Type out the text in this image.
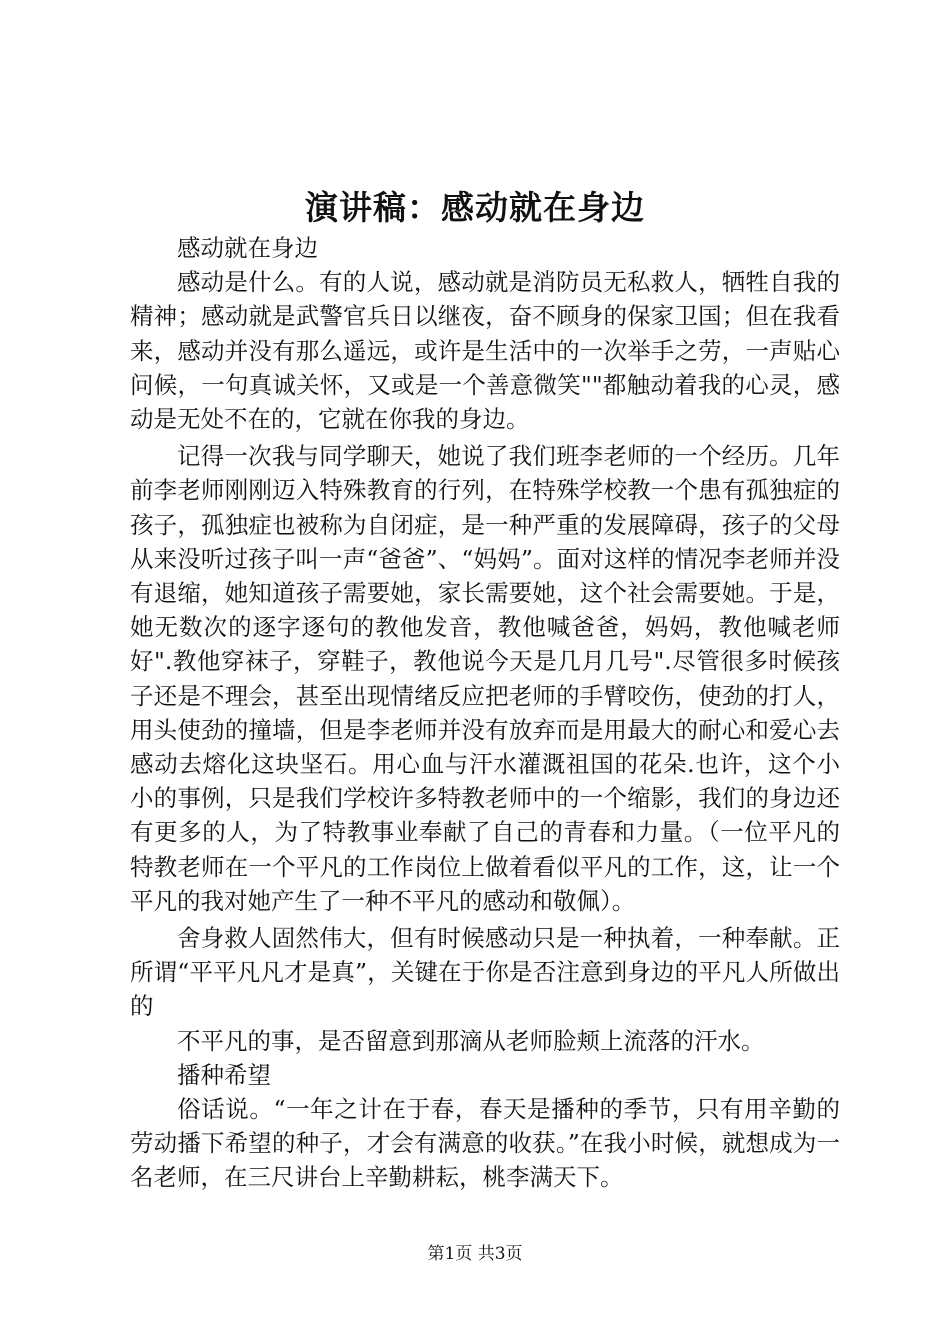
演讲稿：感动就在身边

感动就在身边

感动是什么。有的人说，感动就是消防员无私救人，牺牲自我的精神；感动就是武警官兵日以继夜，奋不顾身的保家卫国；但在我看来，感动并没有那么遥远，或许是生活中的一次举手之劳，一声贴心问候，一句真诚关怀，又或是一个善意微笑""都触动着我的心灵，感动是无处不在的，它就在你我的身边。

记得一次我与同学聊天，她说了我们班李老师的一个经历。几年前李老师刚刚迈入特殊教育的行列，在特殊学校教一个患有孤独症的孩子，孤独症也被称为自闭症，是一种严重的发展障碍，孩子的父母从来没听过孩子叫一声“爸爸”、“妈妈”。面对这样的情况李老师并没有退缩，她知道孩子需要她，家长需要她，这个社会需要她。于是，她无数次的逐字逐句的教他发音，教他喊爸爸，妈妈，教他喊老师好".教他穿袜子，穿鞋子，教他说今天是几月几号".尽管很多时候孩子还是不理会，甚至出现情绪反应把老师的手臂咬伤，使劲的打人，用头使劲的撞墙，但是李老师并没有放弃而是用最大的耐心和爱心去感动去熔化这块坚石。用心血与汗水灌溉祖国的花朵.也许，这个小小的事例，只是我们学校许多特教老师中的一个缩影，我们的身边还有更多的人，为了特教事业奉献了自己的青春和力量。（一位平凡的特教老师在一个平凡的工作岗位上做着看似平凡的工作，这，让一个平凡的我对她产生了一种不平凡的感动和敬佩）。

舍身救人固然伟大，但有时候感动只是一种执着，一种奉献。正所谓“平平凡凡才是真”，关键在于你是否注意到身边的平凡人所做出的

不平凡的事，是否留意到那滴从老师脸颊上流落的汗水。

播种希望

俗话说。“一年之计在于春，春天是播种的季节，只有用辛勤的劳动播下希望的种子，才会有满意的收获。”在我小时候，就想成为一名老师，在三尺讲台上辛勤耕耘，桃李满天下。

第1页 共3页
